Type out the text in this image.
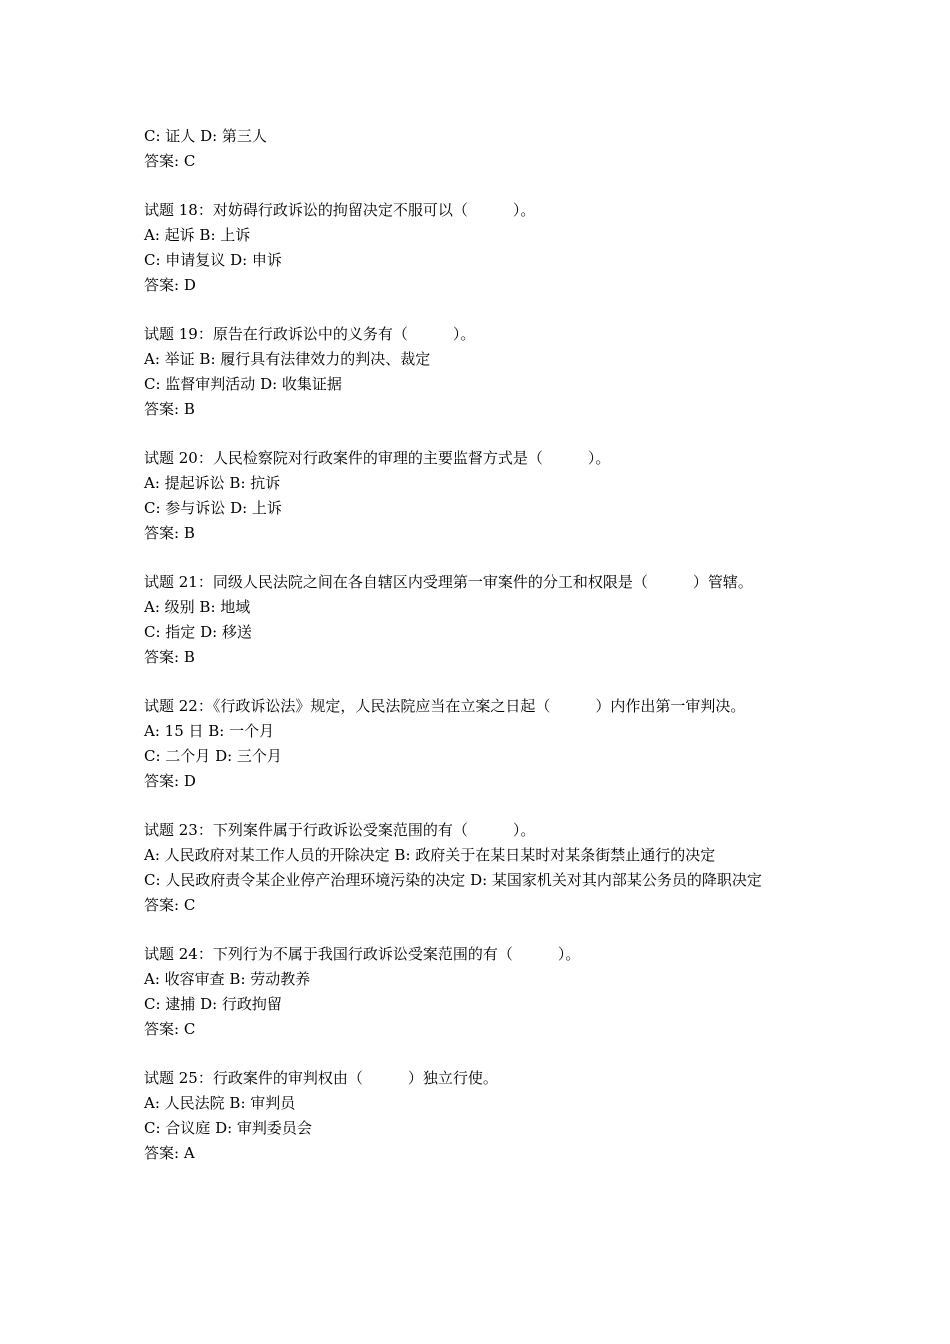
C: 证人 D: 第三人
答案: C
试题 18：对妨碍行政诉讼的拘留决定不服可以（　　　）。
A: 起诉 B: 上诉
C: 申请复议 D: 申诉
答案: D
试题 19：原告在行政诉讼中的义务有（　　　）。
A: 举证 B: 履行具有法律效力的判决、裁定
C: 监督审判活动 D: 收集证据
答案: B
试题 20：人民检察院对行政案件的审理的主要监督方式是（　　　）。
A: 提起诉讼 B: 抗诉
C: 参与诉讼 D: 上诉
答案: B
试题 21：同级人民法院之间在各自辖区内受理第一审案件的分工和权限是（　　　）管辖。
A: 级别 B: 地域
C: 指定 D: 移送
答案: B
试题 22：《行政诉讼法》规定，人民法院应当在立案之日起（　　　）内作出第一审判决。
A: 15 日 B: 一个月
C: 二个月 D: 三个月
答案: D
试题 23：下列案件属于行政诉讼受案范围的有（　　　）。
A: 人民政府对某工作人员的开除决定 B: 政府关于在某日某时对某条街禁止通行的决定
C: 人民政府责令某企业停产治理环境污染的决定 D: 某国家机关对其内部某公务员的降职决定
答案: C
试题 24：下列行为不属于我国行政诉讼受案范围的有（　　　）。
A: 收容审查 B: 劳动教养
C: 逮捕 D: 行政拘留
答案: C
试题 25：行政案件的审判权由（　　　）独立行使。
A: 人民法院 B: 审判员
C: 合议庭 D: 审判委员会
答案: A
